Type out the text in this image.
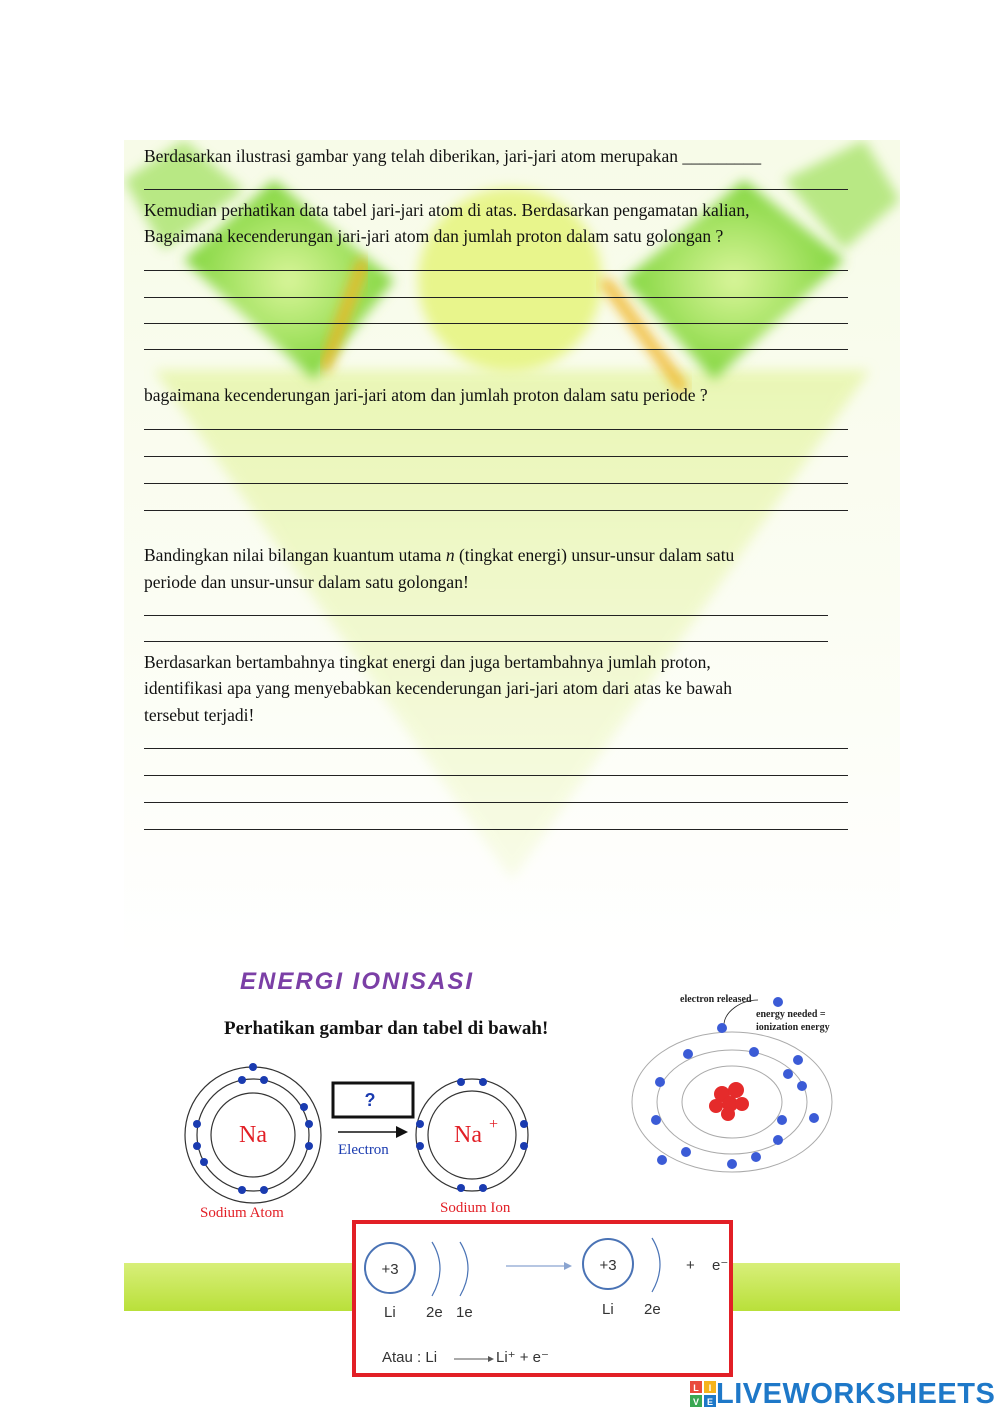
Berdasarkan ilustrasi gambar yang telah diberikan, jari-jari atom merupakan _________
Kemudian perhatikan data tabel jari-jari atom di atas. Berdasarkan pengamatan kalian,
Bagaimana kecenderungan jari-jari atom dan jumlah proton dalam satu golongan ?
bagaimana kecenderungan jari-jari atom dan jumlah proton dalam satu periode ?
Bandingkan nilai bilangan kuantum utama n (tingkat energi) unsur-unsur dalam satu
periode dan unsur-unsur dalam satu golongan!
Berdasarkan bertambahnya tingkat energi dan juga bertambahnya jumlah proton,
identifikasi apa yang menyebabkan kecenderungan jari-jari atom dari atas ke bawah
tersebut terjadi!
ENERGI IONISASI
Perhatikan gambar dan tabel di bawah!
Na
?
Electron
Na +
Sodium Atom	Sodium Ion
electron released
energy needed =
ionization energy
+3	+3
Li 2e 1e	Li 2e
+ e⁻
Atau : Li	Li⁺ + e⁻
L I
V E LIVEWORKSHEETS
